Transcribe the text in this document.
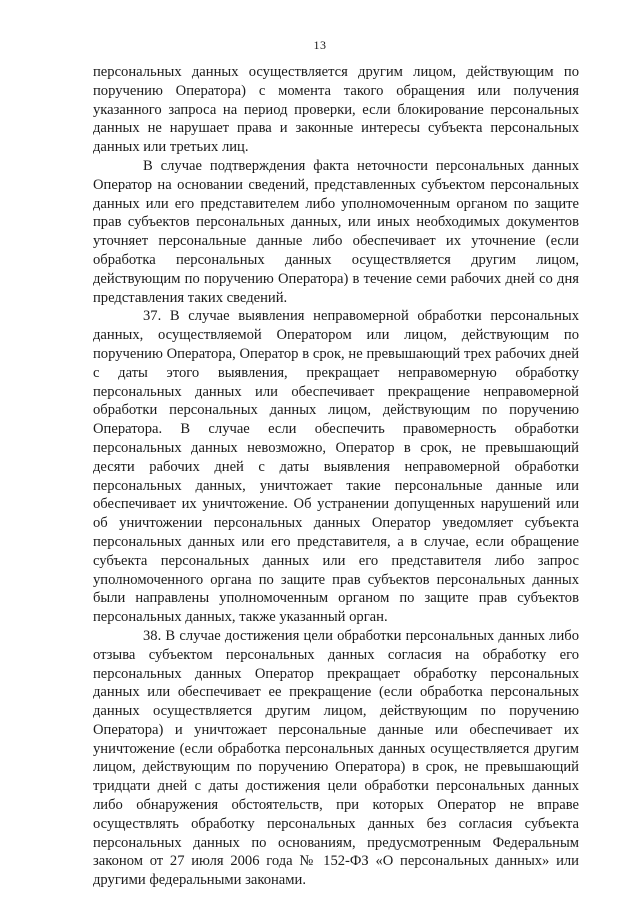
13

персональных данных осуществляется другим лицом, действующим по поручению Оператора) с момента такого обращения или получения указанного запроса на период проверки, если блокирование персональных данных не нарушает права и законные интересы субъекта персональных данных или третьих лиц.

В случае подтверждения факта неточности персональных данных Оператор на основании сведений, представленных субъектом персональных данных или его представителем либо уполномоченным органом по защите прав субъектов персональных данных, или иных необходимых документов уточняет персональные данные либо обеспечивает их уточнение (если обработка персональных данных осуществляется другим лицом, действующим по поручению Оператора) в течение семи рабочих дней со дня представления таких сведений.

37. В случае выявления неправомерной обработки персональных данных, осуществляемой Оператором или лицом, действующим по поручению Оператора, Оператор в срок, не превышающий трех рабочих дней с даты этого выявления, прекращает неправомерную обработку персональных данных или обеспечивает прекращение неправомерной обработки персональных данных лицом, действующим по поручению Оператора. В случае если обеспечить правомерность обработки персональных данных невозможно, Оператор в срок, не превышающий десяти рабочих дней с даты выявления неправомерной обработки персональных данных, уничтожает такие персональные данные или обеспечивает их уничтожение. Об устранении допущенных нарушений или об уничтожении персональных данных Оператор уведомляет субъекта персональных данных или его представителя, а в случае, если обращение субъекта персональных данных или его представителя либо запрос уполномоченного органа по защите прав субъектов персональных данных были направлены уполномоченным органом по защите прав субъектов персональных данных, также указанный орган.

38. В случае достижения цели обработки персональных данных либо отзыва субъектом персональных данных согласия на обработку его персональных данных Оператор прекращает обработку персональных данных или обеспечивает ее прекращение (если обработка персональных данных осуществляется другим лицом, действующим по поручению Оператора) и уничтожает персональные данные или обеспечивает их уничтожение (если обработка персональных данных осуществляется другим лицом, действующим по поручению Оператора) в срок, не превышающий тридцати дней с даты достижения цели обработки персональных данных либо обнаружения обстоятельств, при которых Оператор не вправе осуществлять обработку персональных данных без согласия субъекта персональных данных по основаниям, предусмотренным Федеральным законом от 27 июля 2006 года № 152-ФЗ «О персональных данных» или другими федеральными законами.
